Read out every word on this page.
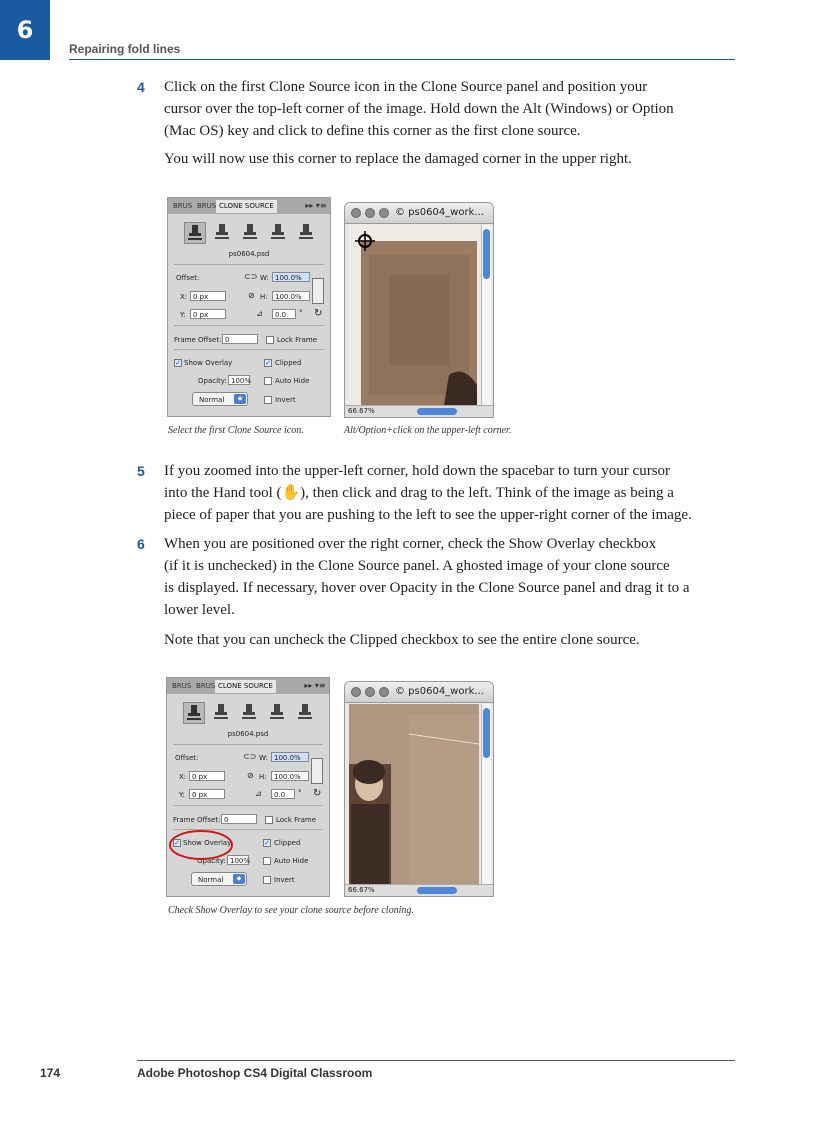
6
Repairing fold lines
4 Click on the first Clone Source icon in the Clone Source panel and position your
cursor over the top-left corner of the image. Hold down the Alt (Windows) or Option
(Mac OS) key and click to define this corner as the first clone source.
You will now use this corner to replace the damaged corner in the upper right.
BRUS BRUS CLONE SOURCE	▸▸ ▾≡
ps0604.psd
Offset:	⊂⊃ W: 100.0%
X: 0 px	⊘ H:	100.0%
Y:	0 px	⊿	0.0	° ↻
Frame Offset: 0	Lock Frame
✓ Show Overlay	✓ Clipped
Opacity: 100%	Auto Hide
Normal	◆	Invert
© ps0604_work...
66.67%
Select the first Clone Source icon.	Alt/Option+click on the upper-left corner.
5 If you zoomed into the upper-left corner, hold down the spacebar to turn your cursor
into the Hand tool (✋), then click and drag to the left. Think of the image as being a
piece of paper that you are pushing to the left to see the upper-right corner of the image.
6 When you are positioned over the right corner, check the Show Overlay checkbox
(if it is unchecked) in the Clone Source panel. A ghosted image of your clone source
is displayed. If necessary, hover over Opacity in the Clone Source panel and drag it to a
lower level.
Note that you can uncheck the Clipped checkbox to see the entire clone source.
BRUS BRUS CLONE SOURCE	▸▸ ▾≡
ps0604.psd
Offset:	⊂⊃ W: 100.0%
X: 0 px	⊘ H:	100.0%
Y:	0 px	⊿	0.0	° ↻
Frame Offset: 0	Lock Frame
✓ Show Overlay	✓ Clipped
Opacity: 100%	Auto Hide
Normal	◆	Invert
© ps0604_work...
66.67%
Check Show Overlay to see your clone source before cloning.
174	Adobe Photoshop CS4 Digital Classroom
